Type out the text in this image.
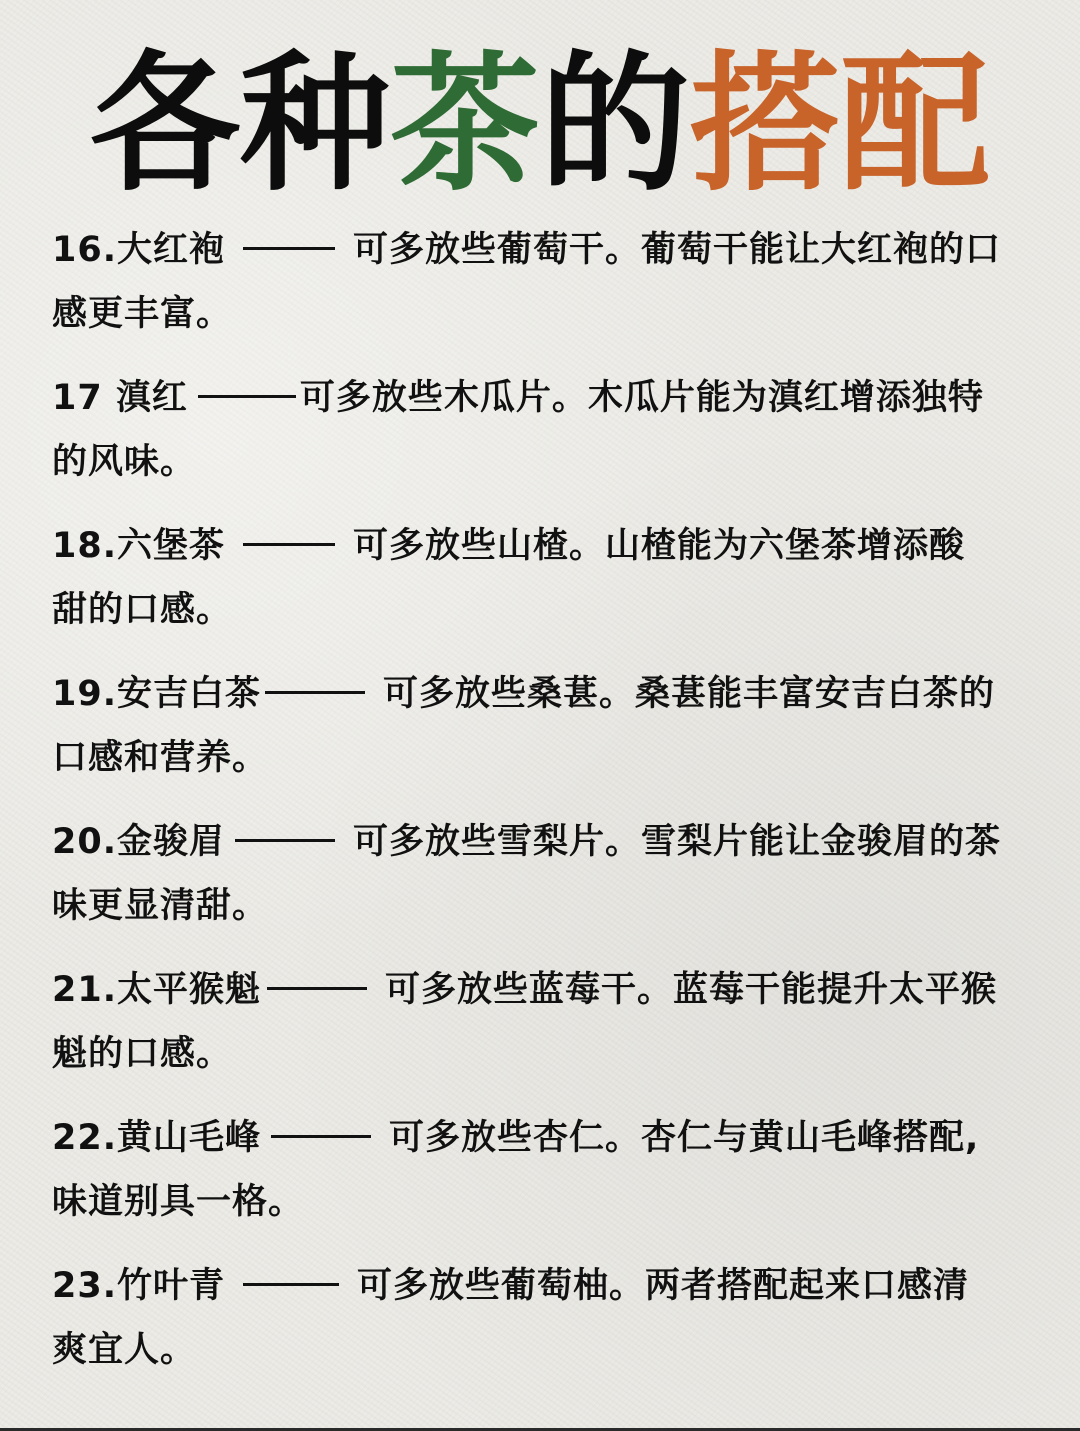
各种茶的搭配
16.大红袍	可多放些葡萄干。葡萄干能让大红袍的口
感更丰富。
17 滇红	可多放些木瓜片。木瓜片能为滇红增添独特
的风味。
18.六堡茶	可多放些山楂。山楂能为六堡茶增添酸
甜的口感。
19.安吉白茶	可多放些桑葚。桑葚能丰富安吉白茶的
口感和营养。
20.金骏眉	可多放些雪梨片。雪梨片能让金骏眉的茶
味更显清甜。
21.太平猴魁	可多放些蓝莓干。蓝莓干能提升太平猴
魁的口感。
22.黄山毛峰	可多放些杏仁。杏仁与黄山毛峰搭配,
味道别具一格。
23.竹叶青	可多放些葡萄柚。两者搭配起来口感清
爽宜人。
